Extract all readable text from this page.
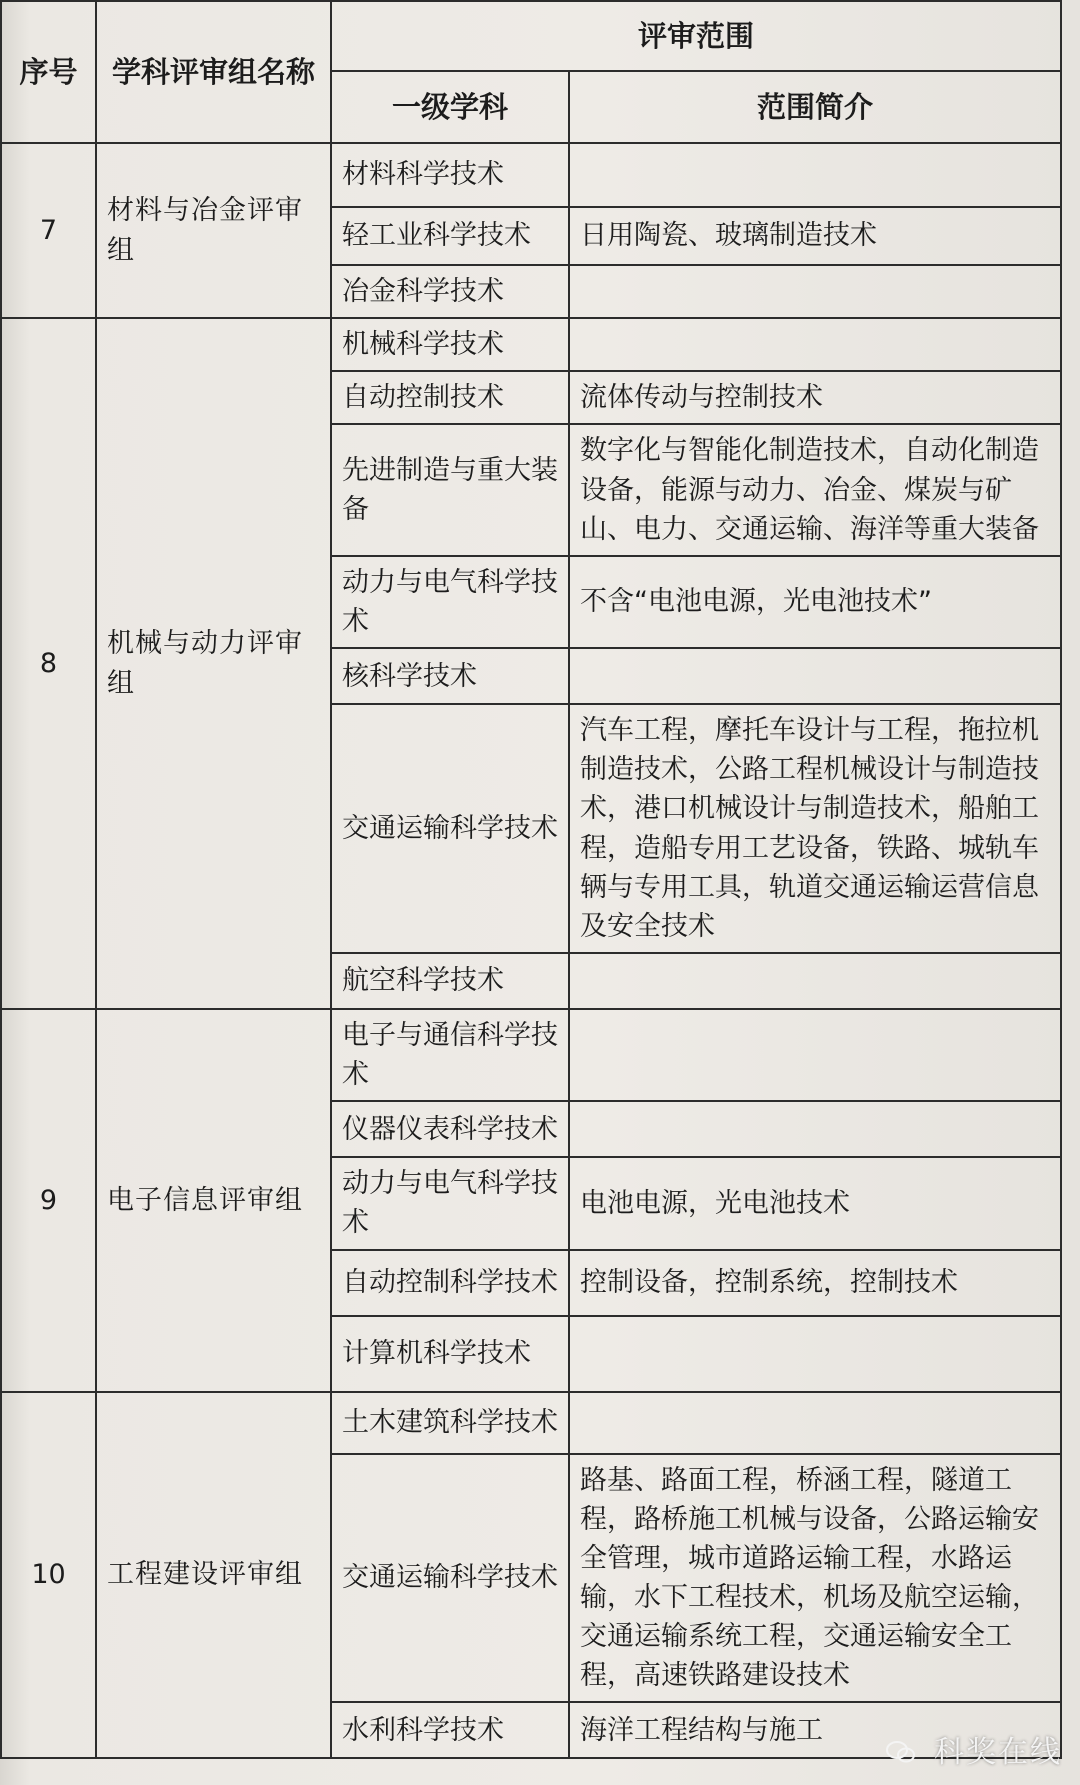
序号	学科评审组名称	评审范围	
		一级学科	范围简介
7	材料与冶金评审组	材料科学技术	
		轻工业科学技术	日用陶瓷、玻璃制造技术
		冶金科学技术	
8	机械与动力评审组	机械科学技术	
		自动控制技术	流体传动与控制技术
		先进制造与重大装备	数字化与智能化制造技术，自动化制造设备，能源与动力、冶金、煤炭与矿山、电力、交通运输、海洋等重大装备
		动力与电气科学技术	不含“电池电源，光电池技术”
		核科学技术	
		交通运输科学技术	汽车工程，摩托车设计与工程，拖拉机制造技术，公路工程机械设计与制造技术，港口机械设计与制造技术，船舶工程，造船专用工艺设备，铁路、城轨车辆与专用工具，轨道交通运输运营信息及安全技术
		航空科学技术	
9	电子信息评审组	电子与通信科学技术	
		仪器仪表科学技术	
		动力与电气科学技术	电池电源，光电池技术
		自动控制科学技术	控制设备，控制系统，控制技术
		计算机科学技术	
10	工程建设评审组	土木建筑科学技术	
		交通运输科学技术	路基、路面工程，桥涵工程，隧道工程，路桥施工机械与设备，公路运输安全管理，城市道路运输工程，水路运输，水下工程技术，机场及航空运输，交通运输系统工程，交通运输安全工程，高速铁路建设技术
		水利科学技术	海洋工程结构与施工
科奖在线
